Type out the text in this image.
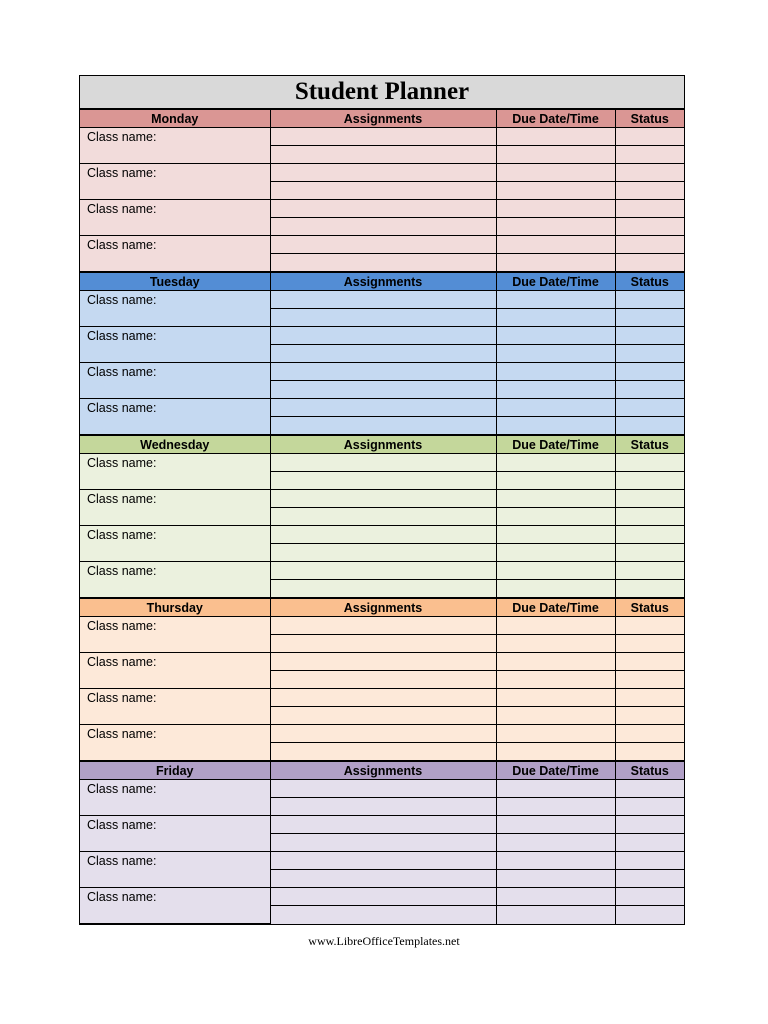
Student Planner
Monday	Assignments	Due Date/Time	Status
Class name:			

Class name:			

Class name:			

Class name:			

Tuesday	Assignments	Due Date/Time	Status
Class name:			

Class name:			

Class name:			

Class name:			

Wednesday	Assignments	Due Date/Time	Status
Class name:			

Class name:			

Class name:			

Class name:			

Thursday	Assignments	Due Date/Time	Status
Class name:			

Class name:			

Class name:			

Class name:			

Friday	Assignments	Due Date/Time	Status
Class name:			

Class name:			

Class name:			

Class name:			

www.LibreOfficeTemplates.net
